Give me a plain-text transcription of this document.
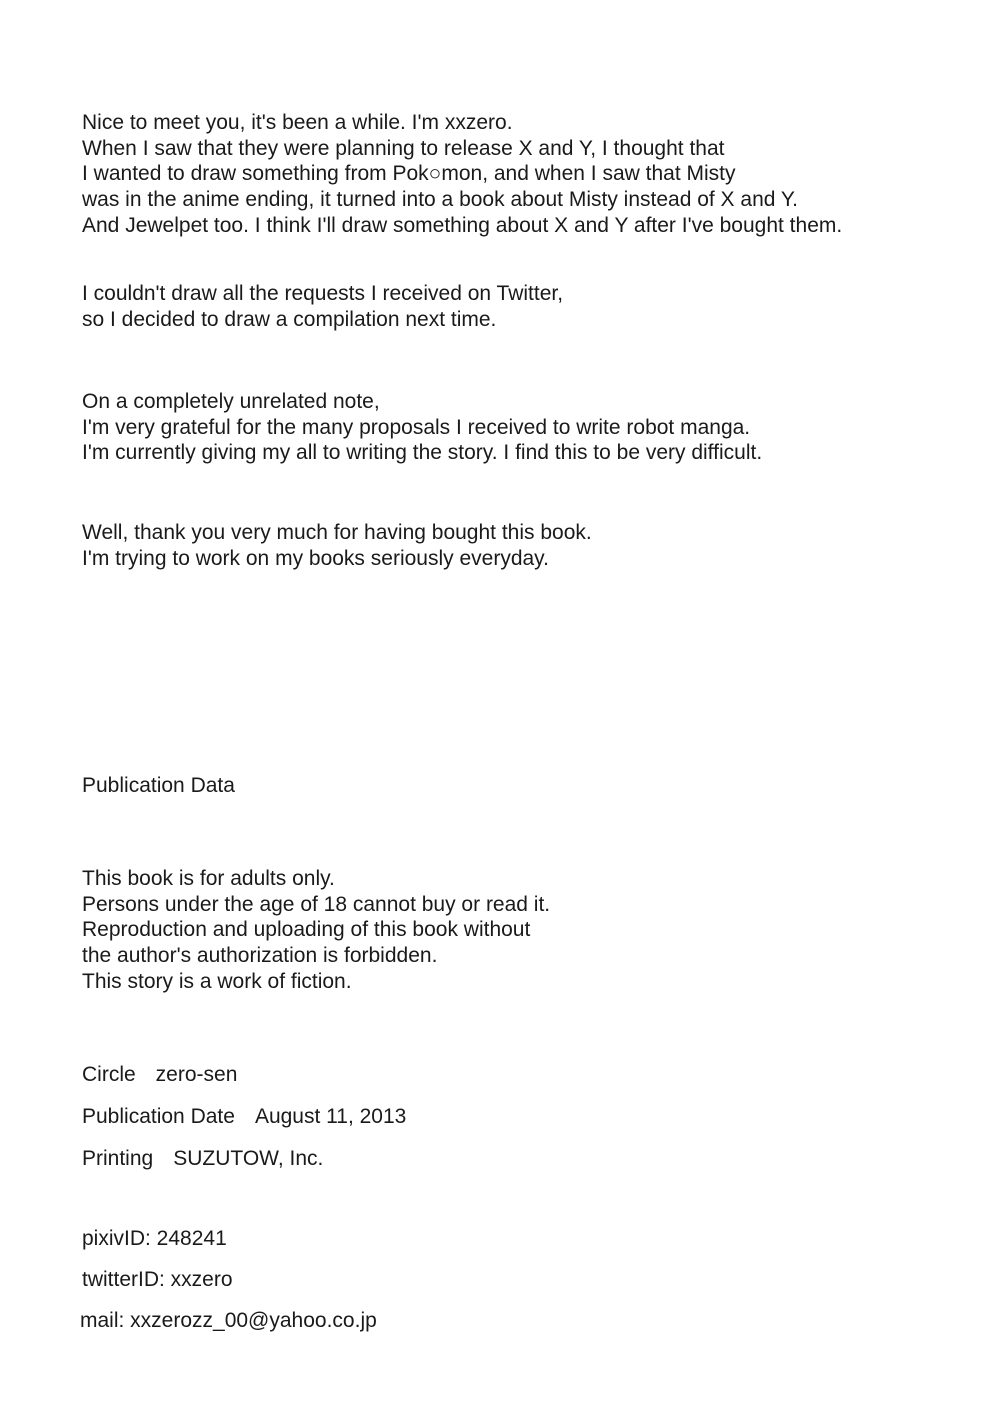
Nice to meet you, it's been a while. I'm xxzero.
When I saw that they were planning to release X and Y, I thought that
I wanted to draw something from Pok○mon, and when I saw that Misty
was in the anime ending, it turned into a book about Misty instead of X and Y.
And Jewelpet too. I think I'll draw something about X and Y after I've bought them.
I couldn't draw all the requests I received on Twitter,
so I decided to draw a compilation next time.
On a completely unrelated note,
I'm very grateful for the many proposals I received to write robot manga.
I'm currently giving my all to writing the story. I find this to be very difficult.
Well, thank you very much for having bought this book.
I'm trying to work on my books seriously everyday.
Publication Data
This book is for adults only.
Persons under the age of 18 cannot buy or read it.
Reproduction and uploading of this book without
the author's authorization is forbidden.
This story is a work of fiction.
Circle zero-sen
Publication Date August 11, 2013
Printing SUZUTOW, Inc.
pixivID: 248241
twitterID: xxzero
mail: xxzerozz_00@yahoo.co.jp
